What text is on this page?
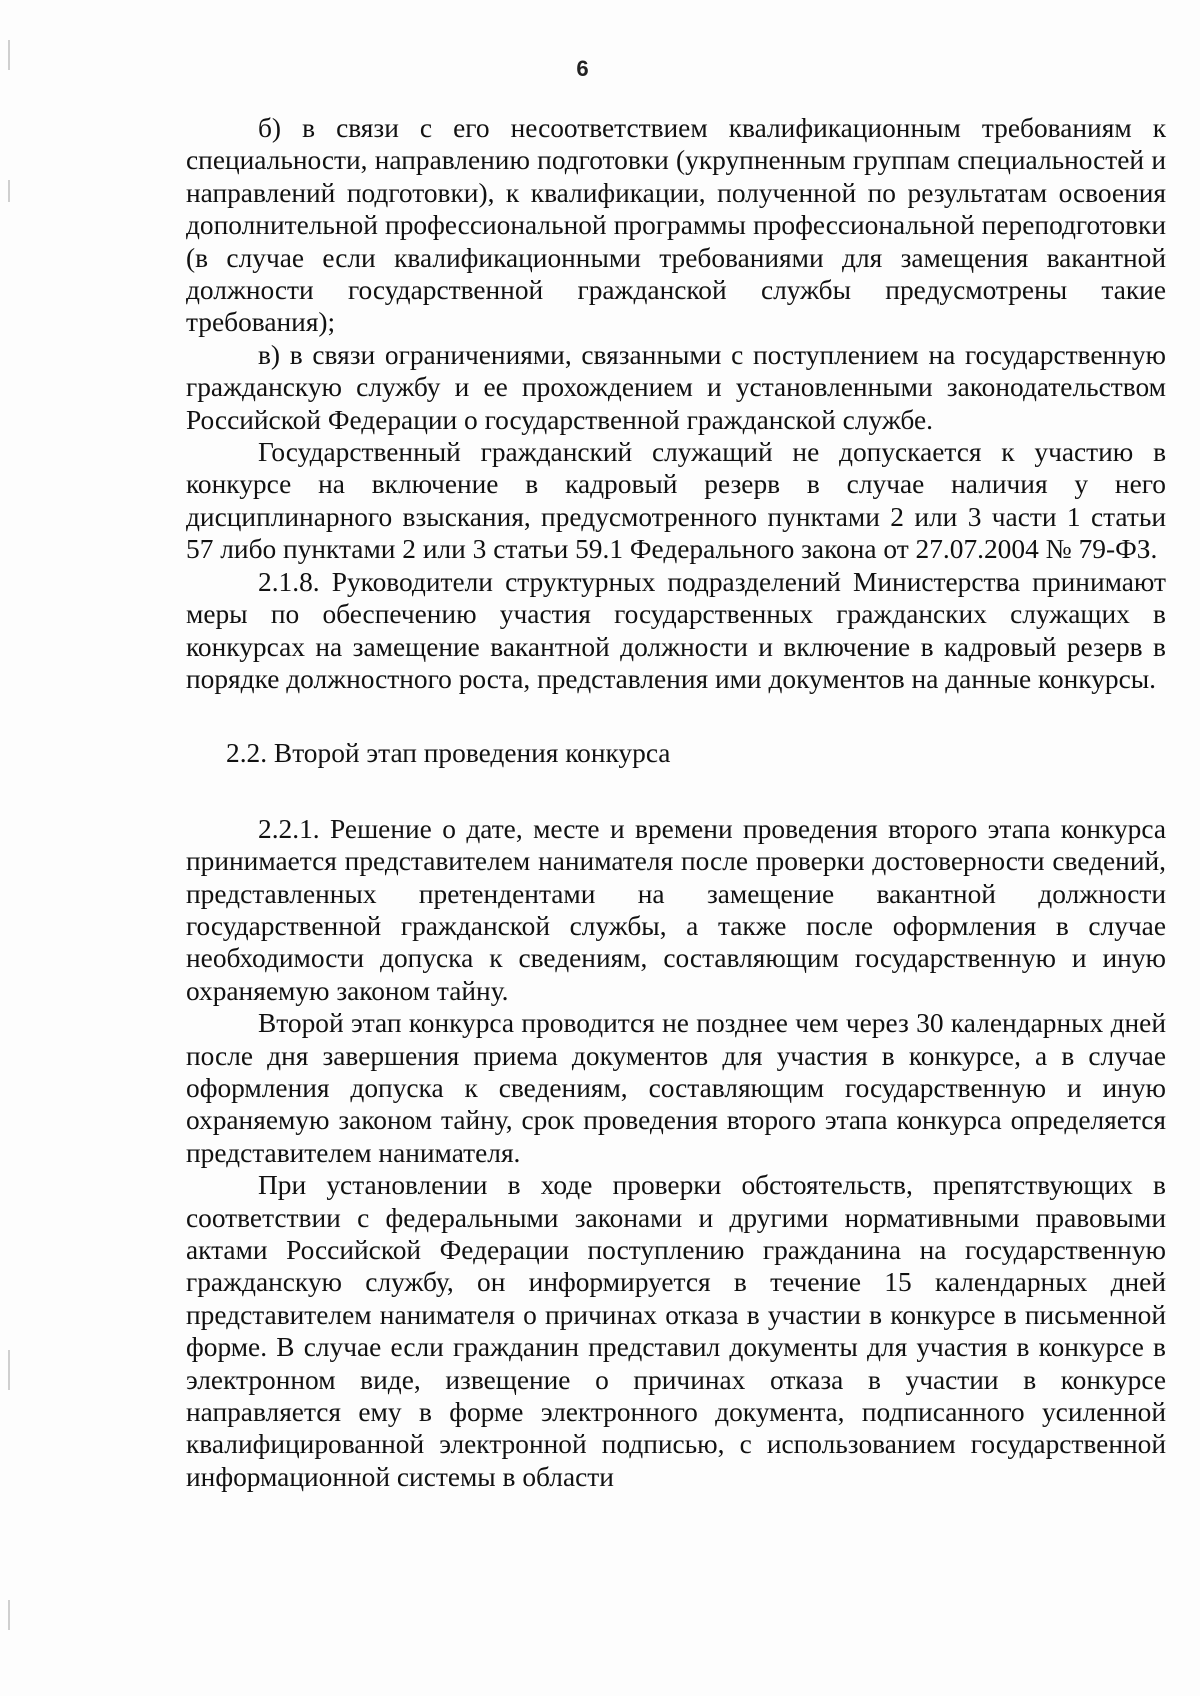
6

б) в связи с его несоответствием квалификационным требованиям к специальности, направлению подготовки (укрупненным группам специальностей и направлений подготовки), к квалификации, полученной по результатам освоения дополнительной профессиональной программы профессиональной переподготовки (в случае если квалификационными требованиями для замещения вакантной должности государственной гражданской службы предусмотрены такие требования);

в) в связи ограничениями, связанными с поступлением на государственную гражданскую службу и ее прохождением и установленными законодательством Российской Федерации о государственной гражданской службе.

Государственный гражданский служащий не допускается к участию в конкурсе на включение в кадровый резерв в случае наличия у него дисциплинарного взыскания, предусмотренного пунктами 2 или 3 части 1 статьи 57 либо пунктами 2 или 3 статьи 59.1 Федерального закона от 27.07.2004 № 79-ФЗ.

2.1.8. Руководители структурных подразделений Министерства принимают меры по обеспечению участия государственных гражданских служащих в конкурсах на замещение вакантной должности и включение в кадровый резерв в порядке должностного роста, представления ими документов на данные конкурсы.

2.2. Второй этап проведения конкурса

2.2.1. Решение о дате, месте и времени проведения второго этапа конкурса принимается представителем нанимателя после проверки достоверности сведений, представленных претендентами на замещение вакантной должности государственной гражданской службы, а также после оформления в случае необходимости допуска к сведениям, составляющим государственную и иную охраняемую законом тайну.

Второй этап конкурса проводится не позднее чем через 30 календарных дней после дня завершения приема документов для участия в конкурсе, а в случае оформления допуска к сведениям, составляющим государственную и иную охраняемую законом тайну, срок проведения второго этапа конкурса определяется представителем нанимателя.

При установлении в ходе проверки обстоятельств, препятствующих в соответствии с федеральными законами и другими нормативными правовыми актами Российской Федерации поступлению гражданина на государственную гражданскую службу, он информируется в течение 15 календарных дней представителем нанимателя о причинах отказа в участии в конкурсе в письменной форме. В случае если гражданин представил документы для участия в конкурсе в электронном виде, извещение о причинах отказа в участии в конкурсе направляется ему в форме электронного документа, подписанного усиленной квалифицированной электронной подписью, с использованием государственной информационной системы в области
